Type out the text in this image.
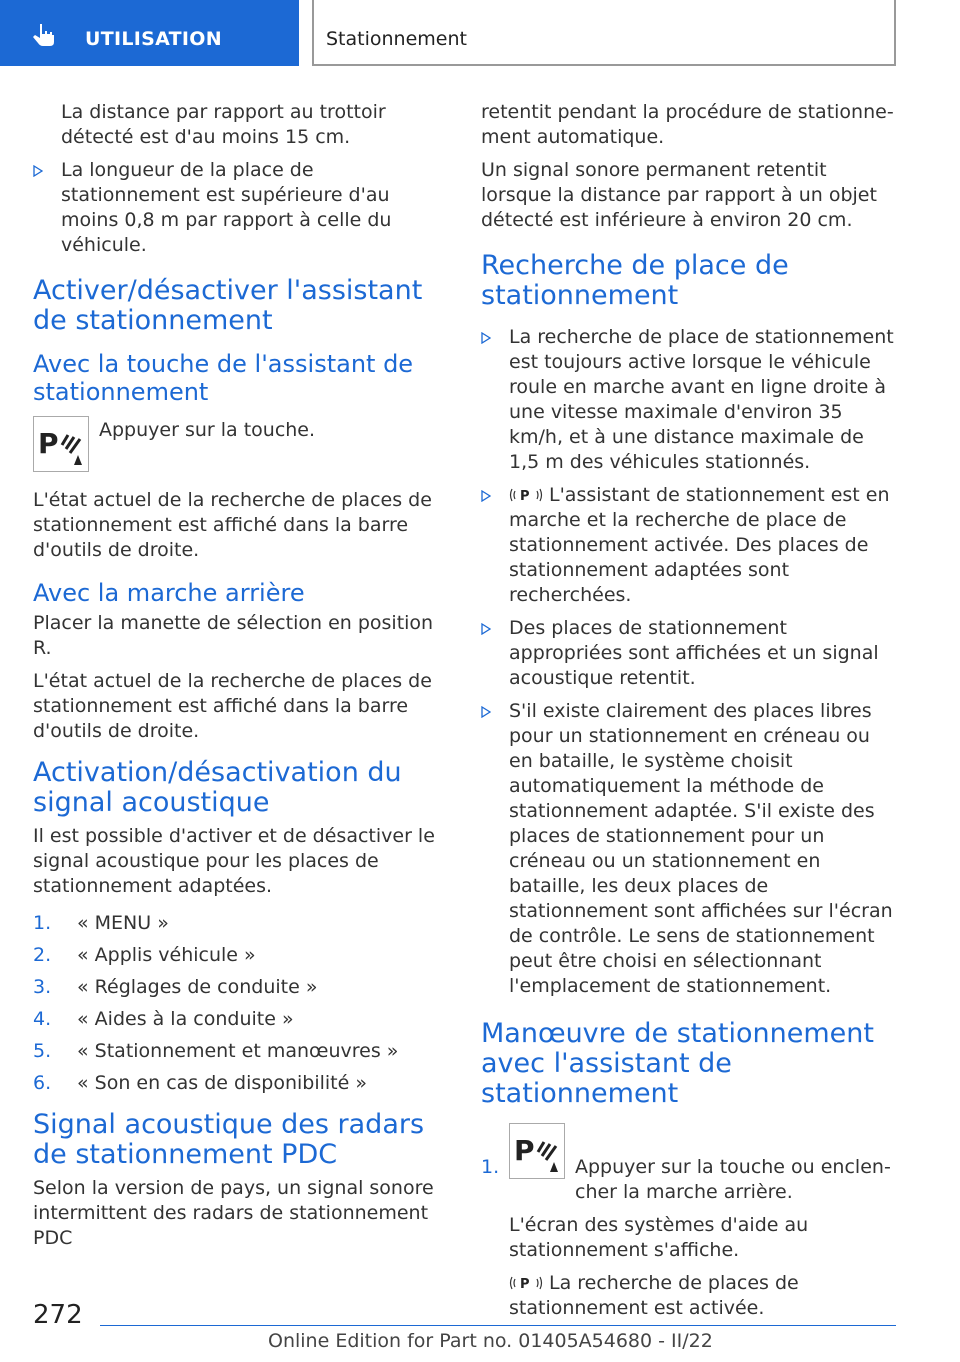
UTILISATION	Stationnement

La distance par rapport au trottoir détecté est d'au moins 15 cm.

La longueur de la place de stationnement est supérieure d'au moins 0,8 m par rapport à celle du véhicule.
Activer/désactiver l'assistant de stationnement
Avec la touche de l'assistant de stationnement
P	Appuyer sur la touche.

L'état actuel de la recherche de places de stationnement est affiché dans la barre d'outils de droite.

Avec la marche arrière

Placer la manette de sélection en position R.

L'état actuel de la recherche de places de stationnement est affiché dans la barre d'outils de droite.

Activation/désactivation du signal acoustique

Il est possible d'activer et de désactiver le signal acoustique pour les places de stationnement adaptées.

1. « MENU »
2. « Applis véhicule »
3. « Réglages de conduite »
4. « Aides à la conduite »
5. « Stationnement et manœuvres »
6. « Son en cas de disponibilité »
Signal acoustique des radars de stationnement PDC

Selon la version de pays, un signal sonore intermittent des radars de stationnement PDC

retentit pendant la procédure de stationnement automatique.

Un signal sonore permanent retentit lorsque la distance par rapport à un objet détecté est inférieure à environ 20 cm.

Recherche de place de stationnement
La recherche de place de stationnement est toujours active lorsque le véhicule roule en marche avant en ligne droite à une vitesse maximale d'environ 35 km/h, et à une distance maximale de 1,5 m des véhicules stationnés.
P L'assistant de stationnement est en marche et la recherche de place de stationnement activée. Des places de stationnement adaptées sont recherchées.
Des places de stationnement appropriées sont affichées et un signal acoustique retentit.
S'il existe clairement des places libres pour un stationnement en créneau ou en bataille, le système choisit automatiquement la méthode de stationnement adaptée. S'il existe des places de stationnement pour un créneau ou un stationnement en bataille, les deux places de stationnement sont affichées sur l'écran de contrôle. Le sens de stationnement peut être choisi en sélectionnant l'emplacement de stationnement.
Manœuvre de stationnement avec l'assistant de stationnement
1. P	Appuyer sur la touche ou enclencher la marche arrière.

L'écran des systèmes d'aide au stationnement s'affiche.

P La recherche de places de stationnement est activée.

272
Online Edition for Part no. 01405A54680 - II/22
